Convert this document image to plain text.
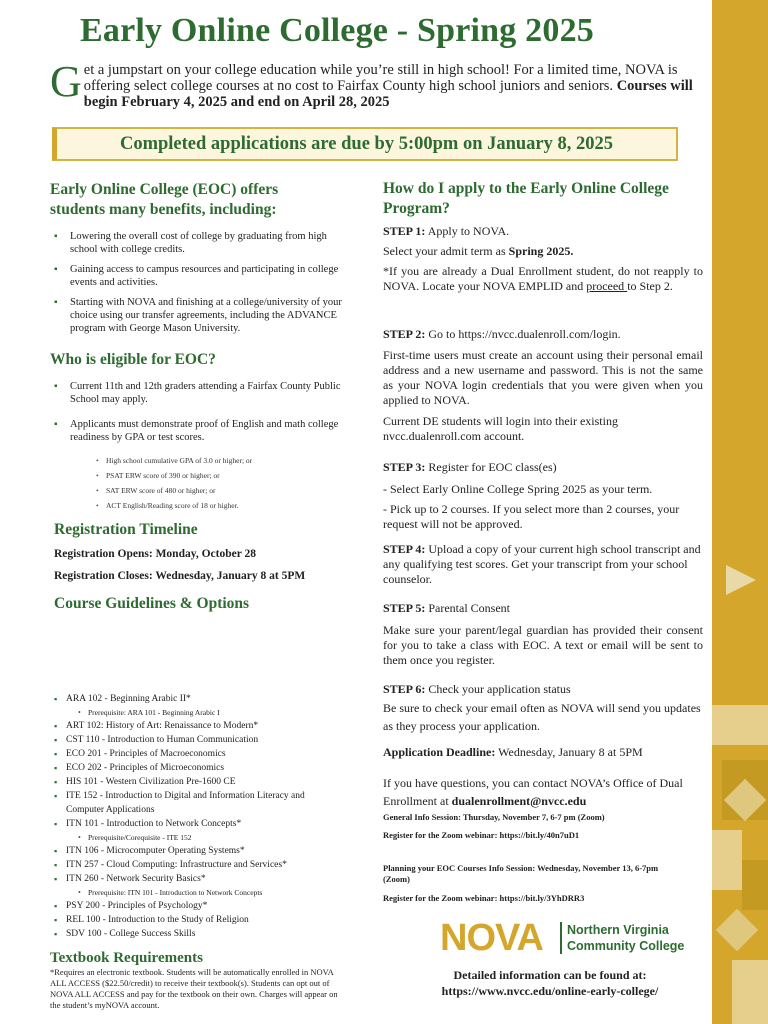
Early Online College - Spring 2025
Get a jumpstart on your college education while you’re still in high school! For a limited time, NOVA is offering select college courses at no cost to Fairfax County high school juniors and seniors. Courses will begin February 4, 2025 and end on April 28, 2025
Completed applications are due by 5:00pm on January 8, 2025
Early Online College (EOC) offers students many benefits, including:
▪ Lowering the overall cost of college by graduating from high school with college credits.
▪ Gaining access to campus resources and participating in college events and activities.
▪ Starting with NOVA and finishing at a college/university of your choice using our transfer agreements, including the ADVANCE program with George Mason University.
Who is eligible for EOC?
▪ Current 11th and 12th graders attending a Fairfax County Public School may apply.
▪ Applicants must demonstrate proof of English and math college readiness by GPA or test scores.
• High school cumulative GPA of 3.0 or higher; or
• PSAT ERW score of 390 or higher; or
• SAT ERW score of 480 or higher; or
• ACT English/Reading score of 18 or higher.
Registration Timeline
Registration Opens: Monday, October 28
Registration Closes: Wednesday, January 8 at 5PM
Course Guidelines & Options
▪ ARA 102 - Beginning Arabic II*
• Prerequisite: ARA 101 - Beginning Arabic I
▪ ART 102: History of Art: Renaissance to Modern*
▪ CST 110 - Introduction to Human Communication
▪ ECO 201 - Principles of Macroeconomics
▪ ECO 202 - Principles of Microeconomics
▪ HIS 101 - Western Civilization Pre-1600 CE
▪ ITE 152 - Introduction to Digital and Information Literacy and Computer Applications
▪ ITN 101 - Introduction to Network Concepts*
• Prerequisite/Corequisite - ITE 152
▪ ITN 106 - Microcomputer Operating Systems*
▪ ITN 257 - Cloud Computing: Infrastructure and Services*
▪ ITN 260 - Network Security Basics*
• Prerequisite: ITN 101 - Introduction to Network Concepts
▪ PSY 200 - Principles of Psychology*
▪ REL 100 - Introduction to the Study of Religion
▪ SDV 100 - College Success Skills
Textbook Requirements
*Requires an electronic textbook. Students will be automatically enrolled in NOVA ALL ACCESS ($22.50/credit) to receive their textbook(s). Students can opt out of NOVA ALL ACCESS and pay for the textbook on their own. Charges will appear on the student’s myNOVA account.
How do I apply to the Early Online College Program?

STEP 1: Apply to NOVA.

Select your admit term as Spring 2025.

*If you are already a Dual Enrollment student, do not reapply to NOVA. Locate your NOVA EMPLID and proceed to Step 2.

STEP 2: Go to https://nvcc.dualenroll.com/login.

First-time users must create an account using their personal email address and a new username and password. This is not the same as your NOVA login credentials that you were given when you applied to NOVA.

Current DE students will login into their existing nvcc.dualenroll.com account.

STEP 3: Register for EOC class(es)

- Select Early Online College Spring 2025 as your term.

- Pick up to 2 courses. If you select more than 2 courses, your request will not be approved.

STEP 4: Upload a copy of your current high school transcript and any qualifying test scores. Get your transcript from your school counselor.

STEP 5: Parental Consent

Make sure your parent/legal guardian has provided their consent for you to take a class with EOC. A text or email will be sent to them once you register.

STEP 6: Check your application status

Be sure to check your email often as NOVA will send you updates as they process your application.

Application Deadline: Wednesday, January 8 at 5PM

If you have questions, you can contact NOVA’s Office of Dual Enrollment at dualenrollment@nvcc.edu

General Info Session: Thursday, November 7, 6-7 pm (Zoom)
Register for the Zoom webinar: https://bit.ly/40n7uD1
Planning your EOC Courses Info Session: Wednesday, November 13, 6-7pm (Zoom)
Register for the Zoom webinar: https://bit.ly/3YhDRR3
NOVA Northern Virginia
Community College
Detailed information can be found at:
https://www.nvcc.edu/online-early-college/
